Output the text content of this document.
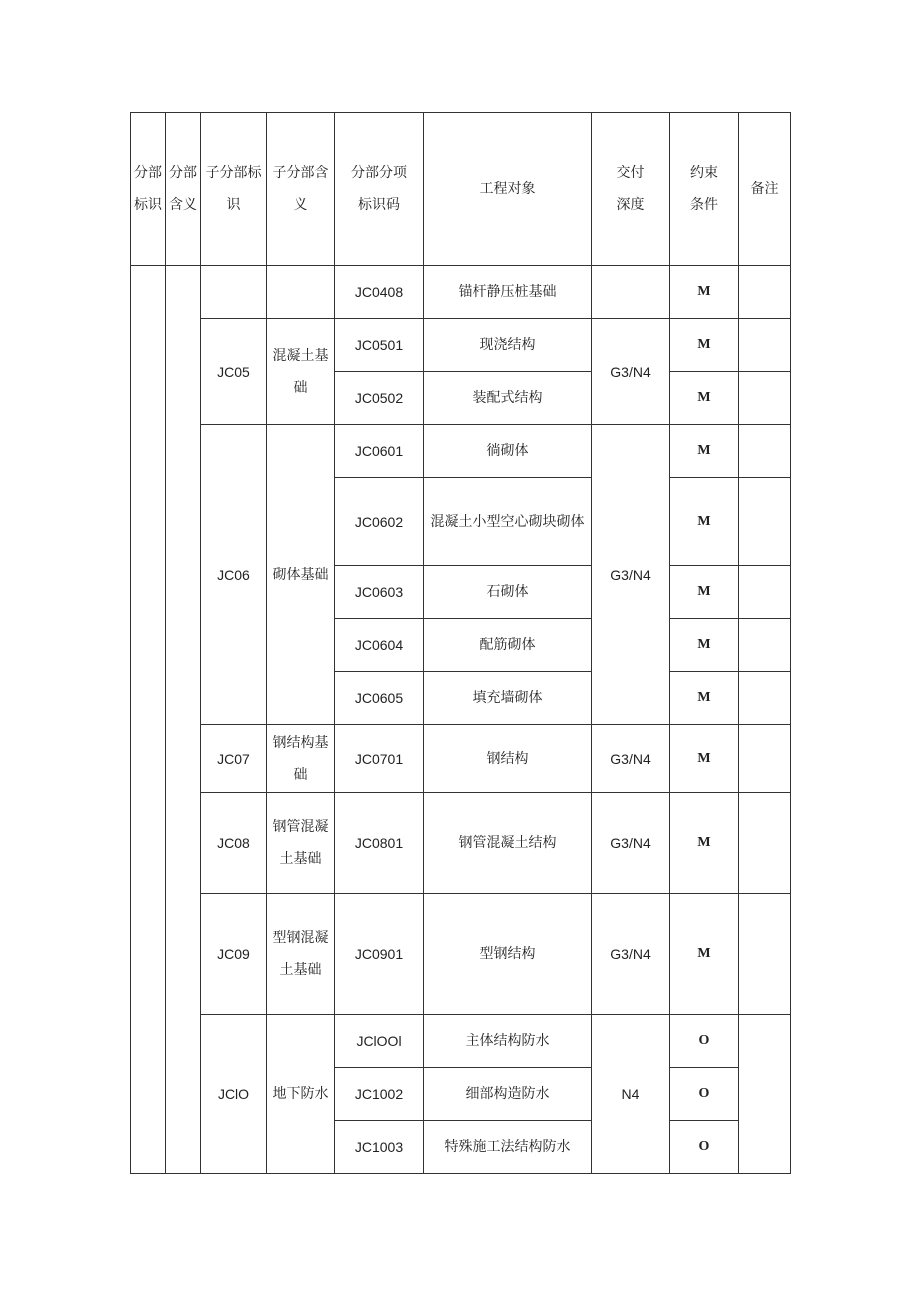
分部标识	分部含义	子分部标识	子分部含义	分部分项标识码	工程对象	交付深度	约束条件	备注
				JC0408	锚杆静压桩基础		M	
		JC05	混凝土基础	JC0501	现浇结构	G3/N4	M	
				JC0502	装配式结构		M	
		JC06	砌体基础	JC0601	徜砌体	G3/N4	M	
				JC0602	混凝土小型空心砌块砌体		M	
				JC0603	石砌体		M	
				JC0604	配筋砌体		M	
				JC0605	填充墙砌体		M	
		JC07	钢结构基础	JC0701	钢结构	G3/N4	M	
		JC08	钢管混凝土基础	JC0801	钢管混凝土结构	G3/N4	M	
		JC09	型钢混凝土基础	JC0901	型钢结构	G3/N4	M	
		JClO	地下防水	JClOOl	主体结构防水	N4	O	
				JC1002	细部构造防水		O	
				JC1003	特殊施工法结构防水		O	
